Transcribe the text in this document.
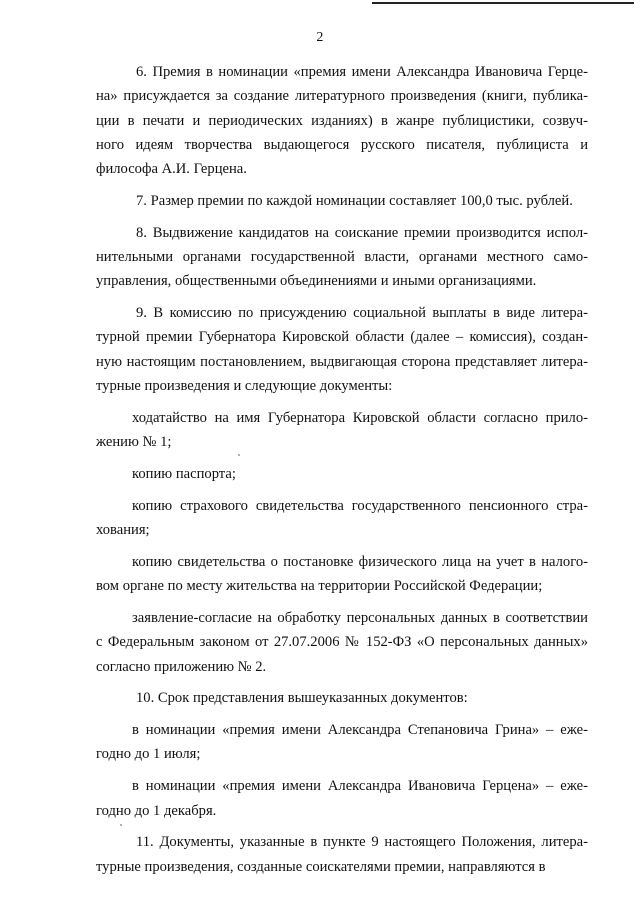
2

6. Премия в номинации «премия имени Александра Ивановича Герце-
на» присуждается за создание литературного произведения (книги, публика-
ции в печати и периодических изданиях) в жанре публицистики, созвуч-
ного идеям творчества выдающегося русского писателя, публициста и
философа А.И. Герцена.

7. Размер премии по каждой номинации составляет 100,0 тыс. рублей.

8. Выдвижение кандидатов на соискание премии производится испол-
нительными органами государственной власти, органами местного само-
управления, общественными объединениями и иными организациями.

9. В комиссию по присуждению социальной выплаты в виде литера-
турной премии Губернатора Кировской области (далее – комиссия), создан-
ную настоящим постановлением, выдвигающая сторона представляет литера-
турные произведения и следующие документы:

ходатайство на имя Губернатора Кировской области согласно прило-
жению № 1;

копию паспорта;

копию страхового свидетельства государственного пенсионного стра-
хования;

копию свидетельства о постановке физического лица на учет в налого-
вом органе по месту жительства на территории Российской Федерации;

заявление-согласие на обработку персональных данных в соответствии
с Федеральным законом от 27.07.2006 № 152-ФЗ «О персональных данных»
согласно приложению № 2.

10. Срок представления вышеуказанных документов:

в номинации «премия имени Александра Степановича Грина» – еже-
годно до 1 июля;

в номинации «премия имени Александра Ивановича Герцена» – еже-
годно до 1 декабря.

11. Документы, указанные в пункте 9 настоящего Положения, литера-
турные произведения, созданные соискателями премии, направляются в
